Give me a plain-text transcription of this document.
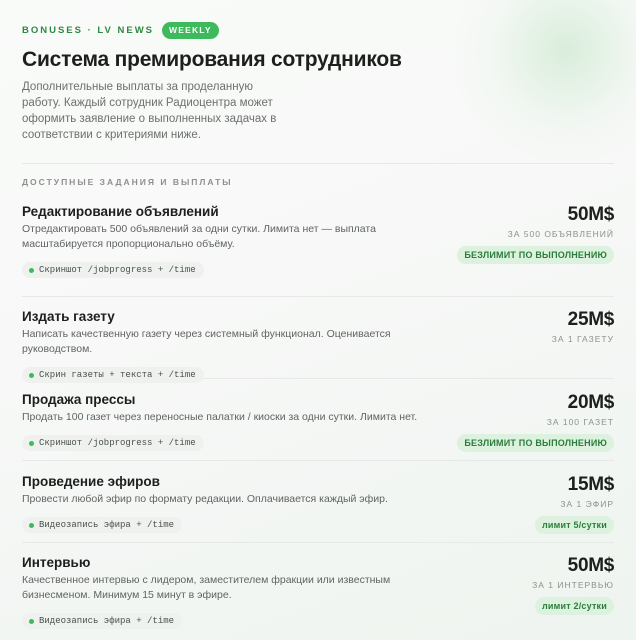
BONUSES · LV NEWS	WEEKLY
Система премирования сотрудников

Дополнительные выплаты за проделанную работу. Каждый сотрудник Радиоцентра может оформить заявление о выполненных задачах в соответствии с критериями ниже.

ДОСТУПНЫЕ ЗАДАНИЯ И ВЫПЛАТЫ
Редактирование объявлений
Отредактировать 500 объявлений за одни сутки. Лимита нет — выплата масштабируется пропорционально объёму.
Скриншот /jobprogress + /time
50M$
ЗА 500 ОБЪЯВЛЕНИЙ
БЕЗЛИМИТ ПО ВЫПОЛНЕНИЮ
Издать газету
Написать качественную газету через системный функционал. Оценивается руководством.
Скрин газеты + текста + /time
25M$
ЗА 1 ГАЗЕТУ
Продажа прессы
Продать 100 газет через переносные палатки / киоски за одни сутки. Лимита нет.
Скриншот /jobprogress + /time
20M$
ЗА 100 ГАЗЕТ
БЕЗЛИМИТ ПО ВЫПОЛНЕНИЮ
Проведение эфиров
Провести любой эфир по формату редакции. Оплачивается каждый эфир.
Видеозапись эфира + /time
15M$
ЗА 1 ЭФИР
лимит 5/сутки
Интервью
Качественное интервью с лидером, заместителем фракции или известным бизнесменом. Минимум 15 минут в эфире.
Видеозапись эфира + /time
50M$
ЗА 1 ИНТЕРВЬЮ
лимит 2/сутки
